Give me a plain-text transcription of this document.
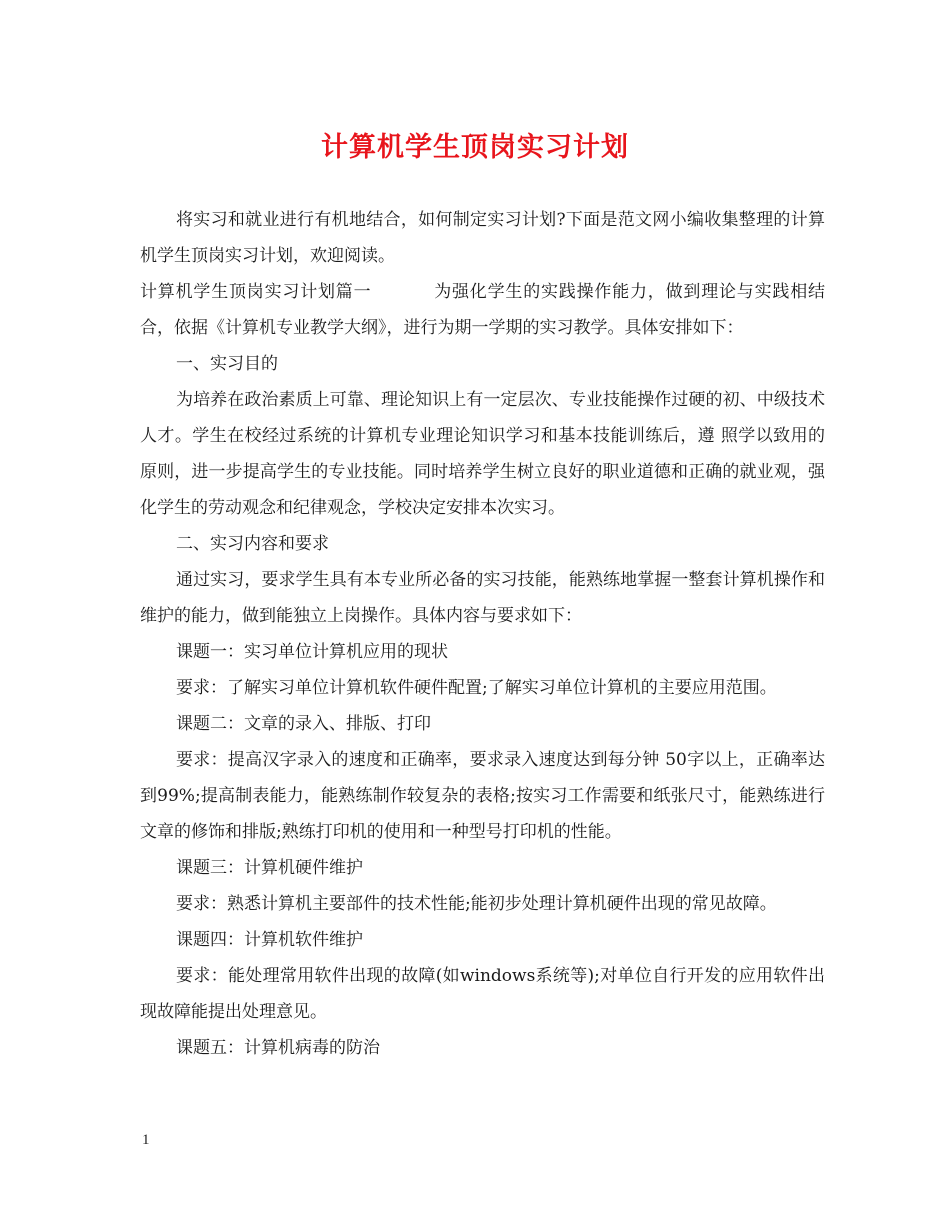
计算机学生顶岗实习计划

将实习和就业进行有机地结合，如何制定实习计划?下面是范文网小编收集整理的计算机学生顶岗实习计划，欢迎阅读。

计算机学生顶岗实习计划篇一	为强化学生的实践操作能力，做到理论与实践相结合，依据《计算机专业教学大纲》，进行为期一学期的实习教学。具体安排如下：

一、实习目的

为培养在政治素质上可靠、理论知识上有一定层次、专业技能操作过硬的初、中级技术人才。学生在校经过系统的计算机专业理论知识学习和基本技能训练后，遵 照学以致用的原则，进一步提高学生的专业技能。同时培养学生树立良好的职业道德和正确的就业观，强化学生的劳动观念和纪律观念，学校决定安排本次实习。

二、实习内容和要求

通过实习，要求学生具有本专业所必备的实习技能，能熟练地掌握一整套计算机操作和维护的能力，做到能独立上岗操作。具体内容与要求如下：

课题一：实习单位计算机应用的现状

要求：了解实习单位计算机软件硬件配置;了解实习单位计算机的主要应用范围。

课题二：文章的录入、排版、打印

要求：提高汉字录入的速度和正确率，要求录入速度达到每分钟 50字以上，正确率达到99%;提高制表能力，能熟练制作较复杂的表格;按实习工作需要和纸张尺寸，能熟练进行文章的修饰和排版;熟练打印机的使用和一种型号打印机的性能。

课题三：计算机硬件维护

要求：熟悉计算机主要部件的技术性能;能初步处理计算机硬件出现的常见故障。

课题四：计算机软件维护

要求：能处理常用软件出现的故障(如windows系统等);对单位自行开发的应用软件出现故障能提出处理意见。

课题五：计算机病毒的防治

1
